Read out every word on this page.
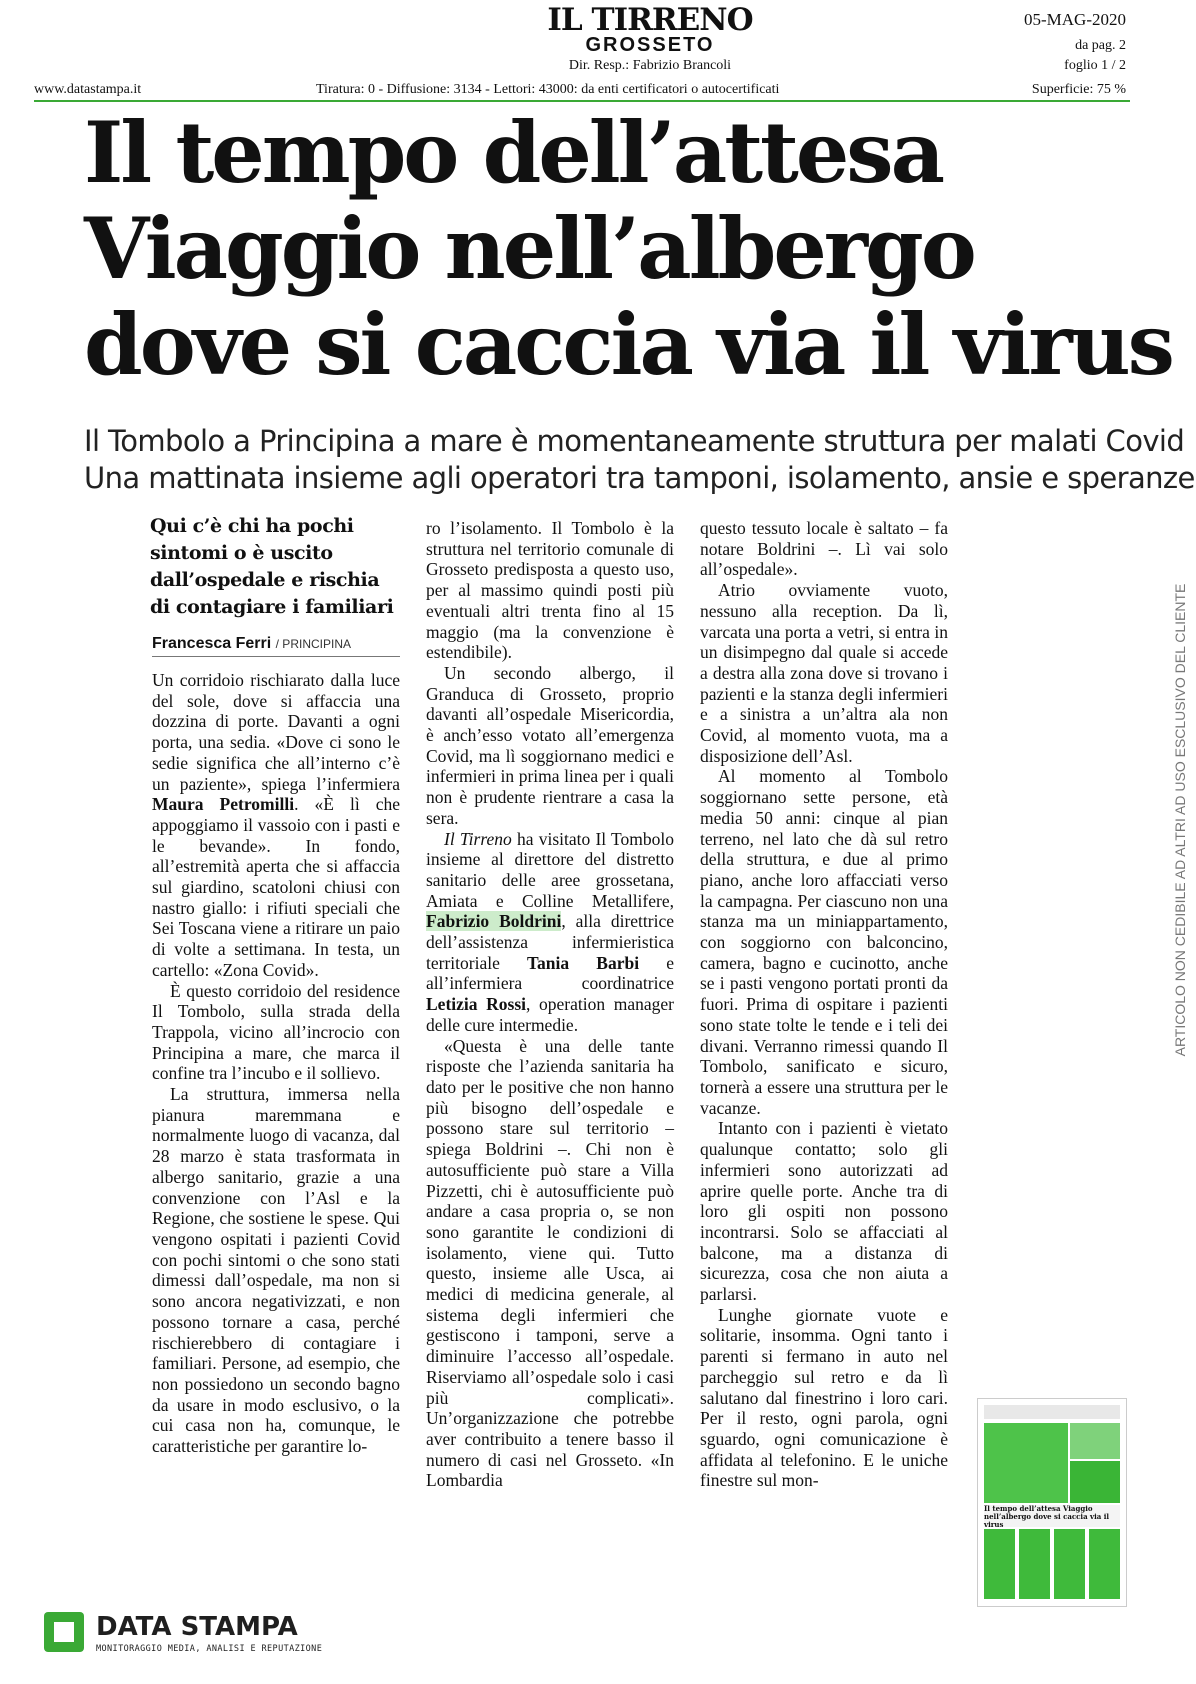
IL TIRRENO
GROSSETO
Dir. Resp.: Fabrizio Brancoli
05-MAG-2020
da pag. 2
foglio 1 / 2
www.datastampa.it	Tiratura: 0 - Diffusione: 3134 - Lettori: 43000: da enti certificatori o autocertificati	Superficie: 75 %
Il tempo dell’attesa
Viaggio nell’albergo
dove si caccia via il virus
Il Tombolo a Principina a mare è momentaneamente struttura per malati Covid
Una mattinata insieme agli operatori tra tamponi, isolamento, ansie e speranze
Qui c’è chi ha pochi sintomi o è uscito dall’ospedale e rischia di contagiare i familiari
Francesca Ferri / PRINCIPINA

Un corridoio rischiarato dalla luce del sole, dove si affaccia una dozzina di porte. Davanti a ogni porta, una sedia. «Dove ci sono le sedie significa che all’interno c’è un paziente», spiega l’infermiera Maura Petromilli. «È lì che appoggiamo il vassoio con i pasti e le bevande». In fondo, all’estremità aperta che si affaccia sul giardino, scatoloni chiusi con nastro giallo: i rifiuti speciali che Sei Toscana viene a ritirare un paio di volte a settimana. In testa, un cartello: «Zona Covid».

È questo corridoio del residence Il Tombolo, sulla strada della Trappola, vicino all’incrocio con Principina a mare, che marca il confine tra l’incubo e il sollievo.

La struttura, immersa nella pianura maremmana e normalmente luogo di vacanza, dal 28 marzo è stata trasformata in albergo sanitario, grazie a una convenzione con l’Asl e la Regione, che sostiene le spese. Qui vengono ospitati i pazienti Covid con pochi sintomi o che sono stati dimessi dall’ospedale, ma non si sono ancora negativizzati, e non possono tornare a casa, perché rischierebbero di contagiare i familiari. Persone, ad esempio, che non possiedono un secondo bagno da usare in modo esclusivo, o la cui casa non ha, comunque, le caratteristiche per garantire lo-

ro l’isolamento. Il Tombolo è la struttura nel territorio comunale di Grosseto predisposta a questo uso, per al massimo quindi posti più eventuali altri trenta fino al 15 maggio (ma la convenzione è estendibile).

Un secondo albergo, il Granduca di Grosseto, proprio davanti all’ospedale Misericordia, è anch’esso votato all’emergenza Covid, ma lì soggiornano medici e infermieri in prima linea per i quali non è prudente rientrare a casa la sera.

Il Tirreno ha visitato Il Tombolo insieme al direttore del distretto sanitario delle aree grossetana, Amiata e Colline Metallifere, Fabrizio Boldrini, alla direttrice dell’assistenza infermieristica territoriale Tania Barbi e all’infermiera coordinatrice Letizia Rossi, operation manager delle cure intermedie.

«Questa è una delle tante risposte che l’azienda sanitaria ha dato per le positive che non hanno più bisogno dell’ospedale e possono stare sul territorio – spiega Boldrini –. Chi non è autosufficiente può stare a Villa Pizzetti, chi è autosufficiente può andare a casa propria o, se non sono garantite le condizioni di isolamento, viene qui. Tutto questo, insieme alle Usca, ai medici di medicina generale, al sistema degli infermieri che gestiscono i tamponi, serve a diminuire l’accesso all’ospedale. Riserviamo all’ospedale solo i casi più complicati». Un’organizzazione che potrebbe aver contribuito a tenere basso il numero di casi nel Grosseto. «In Lombardia

questo tessuto locale è saltato – fa notare Boldrini –. Lì vai solo all’ospedale».

Atrio ovviamente vuoto, nessuno alla reception. Da lì, varcata una porta a vetri, si entra in un disimpegno dal quale si accede a destra alla zona dove si trovano i pazienti e la stanza degli infermieri e a sinistra a un’altra ala non Covid, al momento vuota, ma a disposizione dell’Asl.

Al momento al Tombolo soggiornano sette persone, età media 50 anni: cinque al pian terreno, nel lato che dà sul retro della struttura, e due al primo piano, anche loro affacciati verso la campagna. Per ciascuno non una stanza ma un miniappartamento, con soggiorno con balconcino, camera, bagno e cucinotto, anche se i pasti vengono portati pronti da fuori. Prima di ospitare i pazienti sono state tolte le tende e i teli dei divani. Verranno rimessi quando Il Tombolo, sanificato e sicuro, tornerà a essere una struttura per le vacanze.

Intanto con i pazienti è vietato qualunque contatto; solo gli infermieri sono autorizzati ad aprire quelle porte. Anche tra di loro gli ospiti non possono incontrarsi. Solo se affacciati al balcone, ma a distanza di sicurezza, cosa che non aiuta a parlarsi.

Lunghe giornate vuote e solitarie, insomma. Ogni tanto i parenti si fermano in auto nel parcheggio sul retro e da lì salutano dal finestrino i loro cari. Per il resto, ogni parola, ogni sguardo, ogni comunicazione è affidata al telefonino. E le uniche finestre sul mon-

ARTICOLO NON CEDIBILE AD ALTRI AD USO ESCLUSIVO DEL CLIENTE
Il tempo dell’attesa Viaggio nell’albergo dove si caccia via il virus
DATA STAMPA
MONITORAGGIO MEDIA, ANALISI E REPUTAZIONE
